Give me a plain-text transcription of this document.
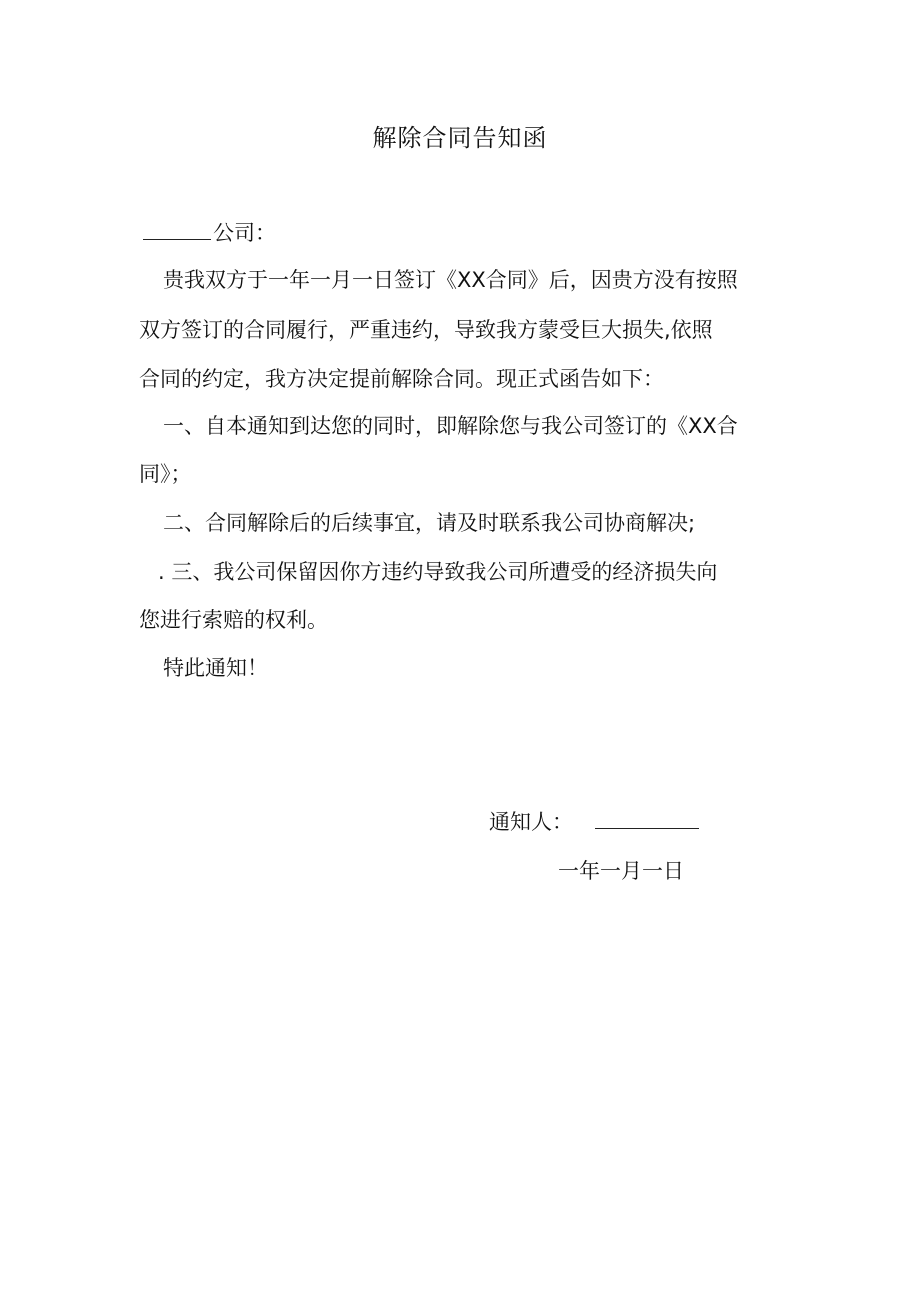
解除合同告知函
公司：
贵我双方于一年一月一日签订《XX合同》后，因贵方没有按照
双方签订的合同履行，严重违约，导致我方蒙受巨大损失,依照
合同的约定，我方决定提前解除合同。现正式函告如下：
一、自本通知到达您的同时，即解除您与我公司签订的《XX合
同》；
二、合同解除后的后续事宜，请及时联系我公司协商解决;
. 三、我公司保留因你方违约导致我公司所遭受的经济损失向
您进行索赔的权利。
特此通知！
通知人：
一年一月一日
